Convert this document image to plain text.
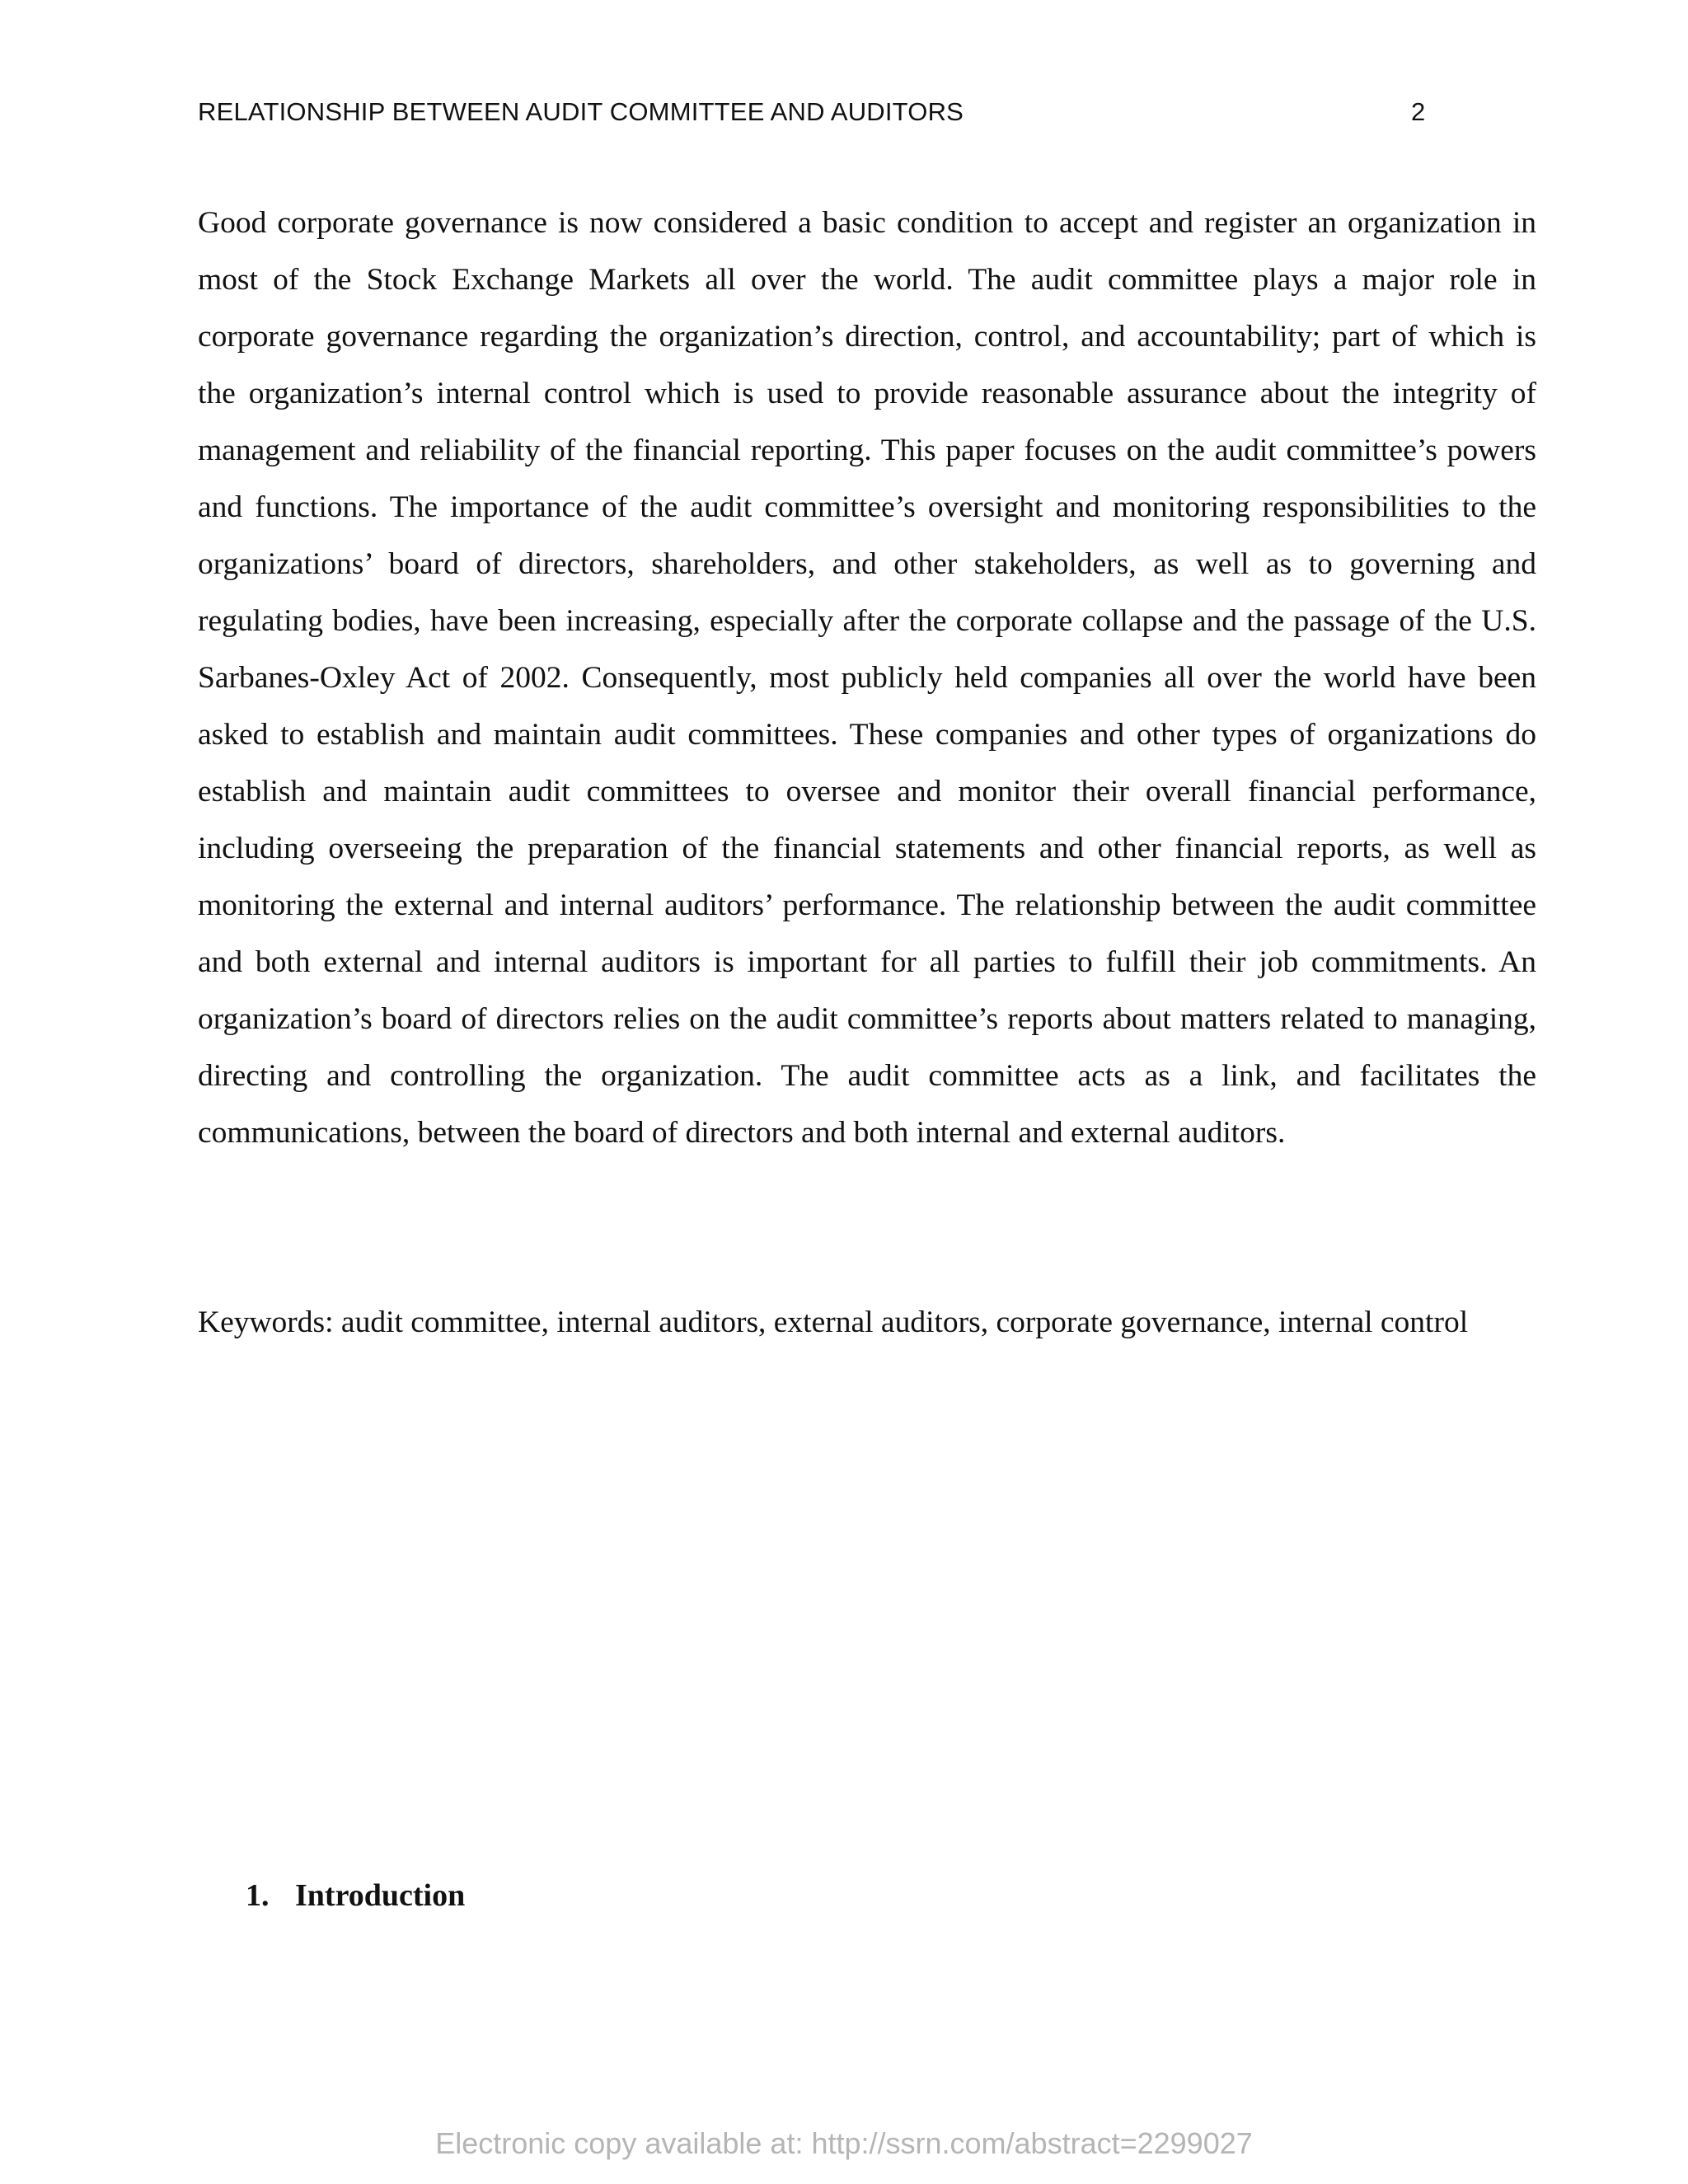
RELATIONSHIP BETWEEN AUDIT COMMITTEE AND AUDITORS	2

Good corporate governance is now considered a basic condition to accept and register an organization in most of the Stock Exchange Markets all over the world. The audit committee plays a major role in corporate governance regarding the organization’s direction, control, and accountability; part of which is the organization’s internal control which is used to provide reasonable assurance about the integrity of management and reliability of the financial reporting. This paper focuses on the audit committee’s powers and functions. The importance of the audit committee’s oversight and monitoring responsibilities to the organizations’ board of directors, shareholders, and other stakeholders, as well as to governing and regulating bodies, have been increasing, especially after the corporate collapse and the passage of the U.S. Sarbanes-Oxley Act of 2002. Consequently, most publicly held companies all over the world have been asked to establish and maintain audit committees. These companies and other types of organizations do establish and maintain audit committees to oversee and monitor their overall financial performance, including overseeing the preparation of the financial statements and other financial reports, as well as monitoring the external and internal auditors’ performance. The relationship between the audit committee and both external and internal auditors is important for all parties to fulfill their job commitments. An organization’s board of directors relies on the audit committee’s reports about matters related to managing, directing and controlling the organization. The audit committee acts as a link, and facilitates the communications, between the board of directors and both internal and external auditors.

Keywords: audit committee, internal auditors, external auditors, corporate governance, internal control

1. Introduction
Electronic copy available at: http://ssrn.com/abstract=2299027
